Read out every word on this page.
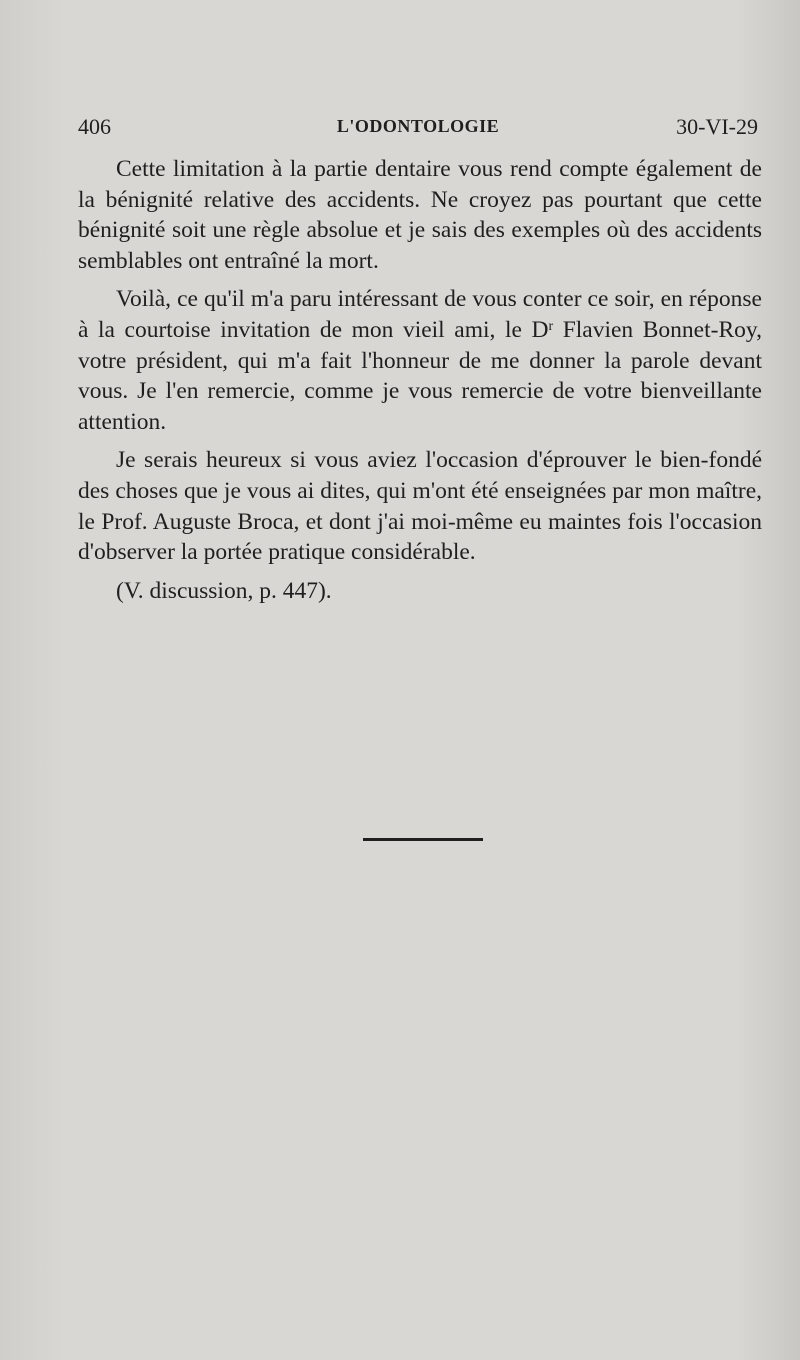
406	L'ODONTOLOGIE	30-VI-29

Cette limitation à la partie dentaire vous rend compte également de la bénignité relative des accidents. Ne croyez pas pourtant que cette bénignité soit une règle absolue et je sais des exemples où des accidents semblables ont entraîné la mort.

Voilà, ce qu'il m'a paru intéressant de vous conter ce soir, en réponse à la courtoise invitation de mon vieil ami, le $D^r$ Flavien Bonnet-Roy, votre président, qui m'a fait l'honneur de me donner la parole devant vous. Je l'en remercie, comme je vous remercie de votre bienveillante attention.

Je serais heureux si vous aviez l'occasion d'éprouver le bien-fondé des choses que je vous ai dites, qui m'ont été enseignées par mon maître, le Prof. Auguste Broca, et dont j'ai moi-même eu maintes fois l'occasion d'observer la portée pratique considérable.

(V. discussion, p. 447).
